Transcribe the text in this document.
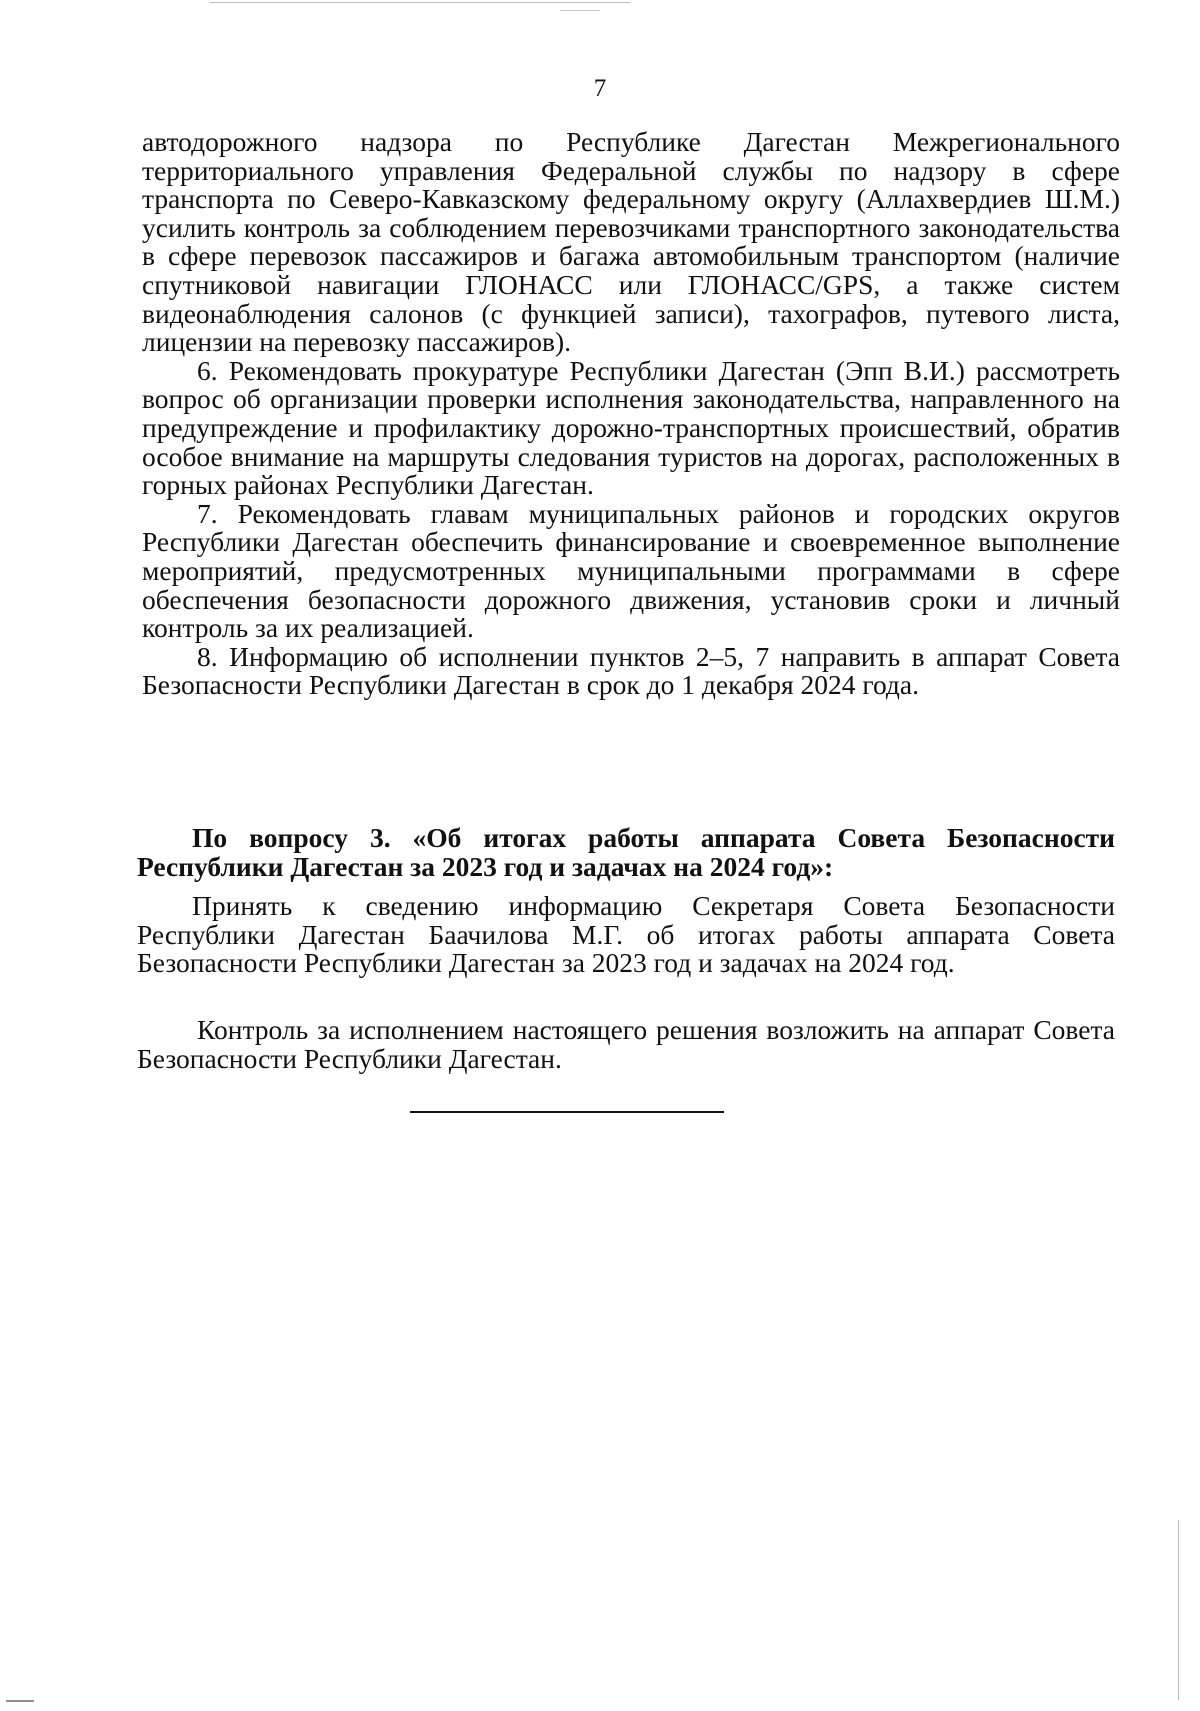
7

автодорожного надзора по Республике Дагестан Межрегионального территориального управления Федеральной службы по надзору в сфере транспорта по Северо-Кавказскому федеральному округу (Аллахвердиев Ш.М.) усилить контроль за соблюдением перевозчиками транспортного законодательства в сфере перевозок пассажиров и багажа автомобильным транспортом (наличие спутниковой навигации ГЛОНАСС или ГЛОНАСС/GPS, а также систем видеонаблюдения салонов (с функцией записи), тахографов, путевого листа, лицензии на перевозку пассажиров).

6. Рекомендовать прокуратуре Республики Дагестан (Эпп В.И.) рассмотреть вопрос об организации проверки исполнения законодательства, направленного на предупреждение и профилактику дорожно-транспортных происшествий, обратив особое внимание на маршруты следования туристов на дорогах, расположенных в горных районах Республики Дагестан.

7. Рекомендовать главам муниципальных районов и городских округов Республики Дагестан обеспечить финансирование и своевременное выполнение мероприятий, предусмотренных муниципальными программами в сфере обеспечения безопасности дорожного движения, установив сроки и личный контроль за их реализацией.

8. Информацию об исполнении пунктов 2–5, 7 направить в аппарат Совета Безопасности Республики Дагестан в срок до 1 декабря 2024 года.

По вопросу 3. «Об итогах работы аппарата Совета Безопасности Республики Дагестан за 2023 год и задачах на 2024 год»:

Принять к сведению информацию Секретаря Совета Безопасности Республики Дагестан Баачилова М.Г. об итогах работы аппарата Совета Безопасности Республики Дагестан за 2023 год и задачах на 2024 год.

Контроль за исполнением настоящего решения возложить на аппарат Совета Безопасности Республики Дагестан.
